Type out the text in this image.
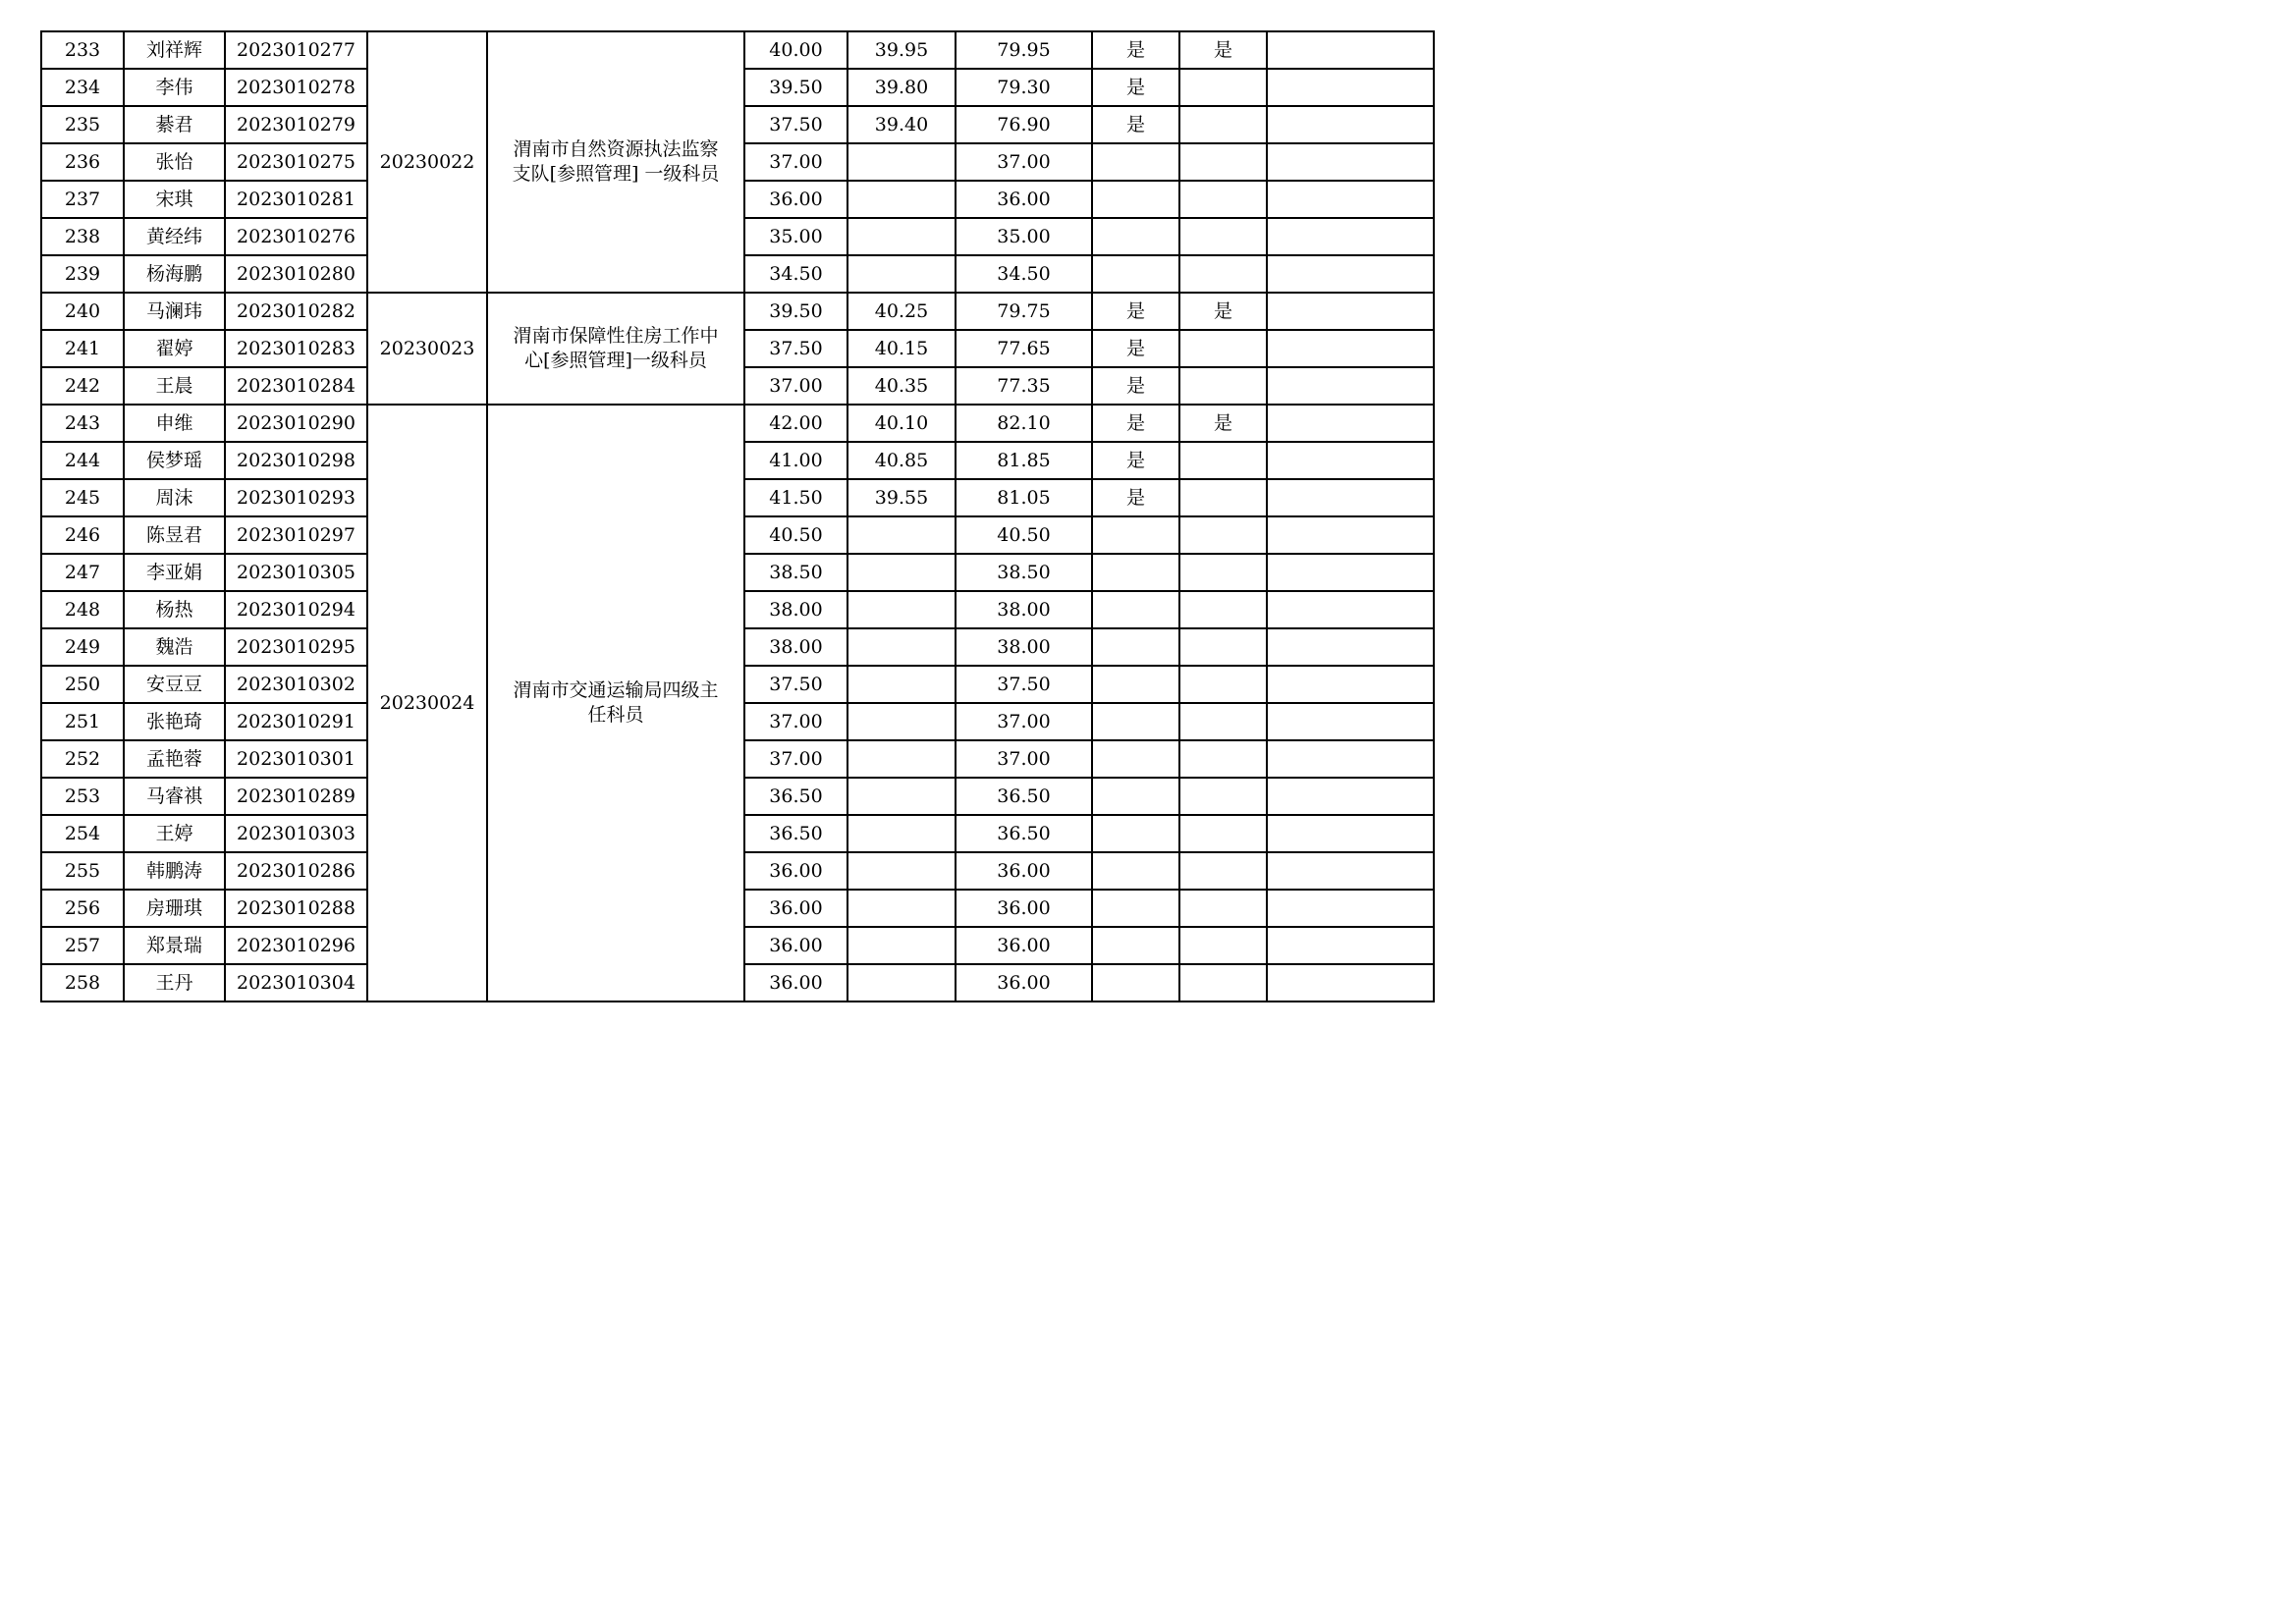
233	刘祥辉	2023010277	20230022	渭南市自然资源执法监察支队[参照管理] 一级科员	40.00	39.95	79.95	是	是	
234	李伟	2023010278			39.50	39.80	79.30	是		
235	綦君	2023010279			37.50	39.40	76.90	是		
236	张怡	2023010275			37.00		37.00			
237	宋琪	2023010281			36.00		36.00			
238	黄经纬	2023010276			35.00		35.00			
239	杨海鹏	2023010280			34.50		34.50			
240	马澜玮	2023010282	20230023	渭南市保障性住房工作中心[参照管理]一级科员	39.50	40.25	79.75	是	是	
241	翟婷	2023010283			37.50	40.15	77.65	是		
242	王晨	2023010284			37.00	40.35	77.35	是		
243	申维	2023010290	20230024	渭南市交通运输局四级主任科员	42.00	40.10	82.10	是	是	
244	侯梦瑶	2023010298			41.00	40.85	81.85	是		
245	周沫	2023010293			41.50	39.55	81.05	是		
246	陈昱君	2023010297			40.50		40.50			
247	李亚娟	2023010305			38.50		38.50			
248	杨热	2023010294			38.00		38.00			
249	魏浩	2023010295			38.00		38.00			
250	安豆豆	2023010302			37.50		37.50			
251	张艳琦	2023010291			37.00		37.00			
252	孟艳蓉	2023010301			37.00		37.00			
253	马睿祺	2023010289			36.50		36.50			
254	王婷	2023010303			36.50		36.50			
255	韩鹏涛	2023010286			36.00		36.00			
256	房珊琪	2023010288			36.00		36.00			
257	郑景瑞	2023010296			36.00		36.00			
258	王丹	2023010304			36.00		36.00			
